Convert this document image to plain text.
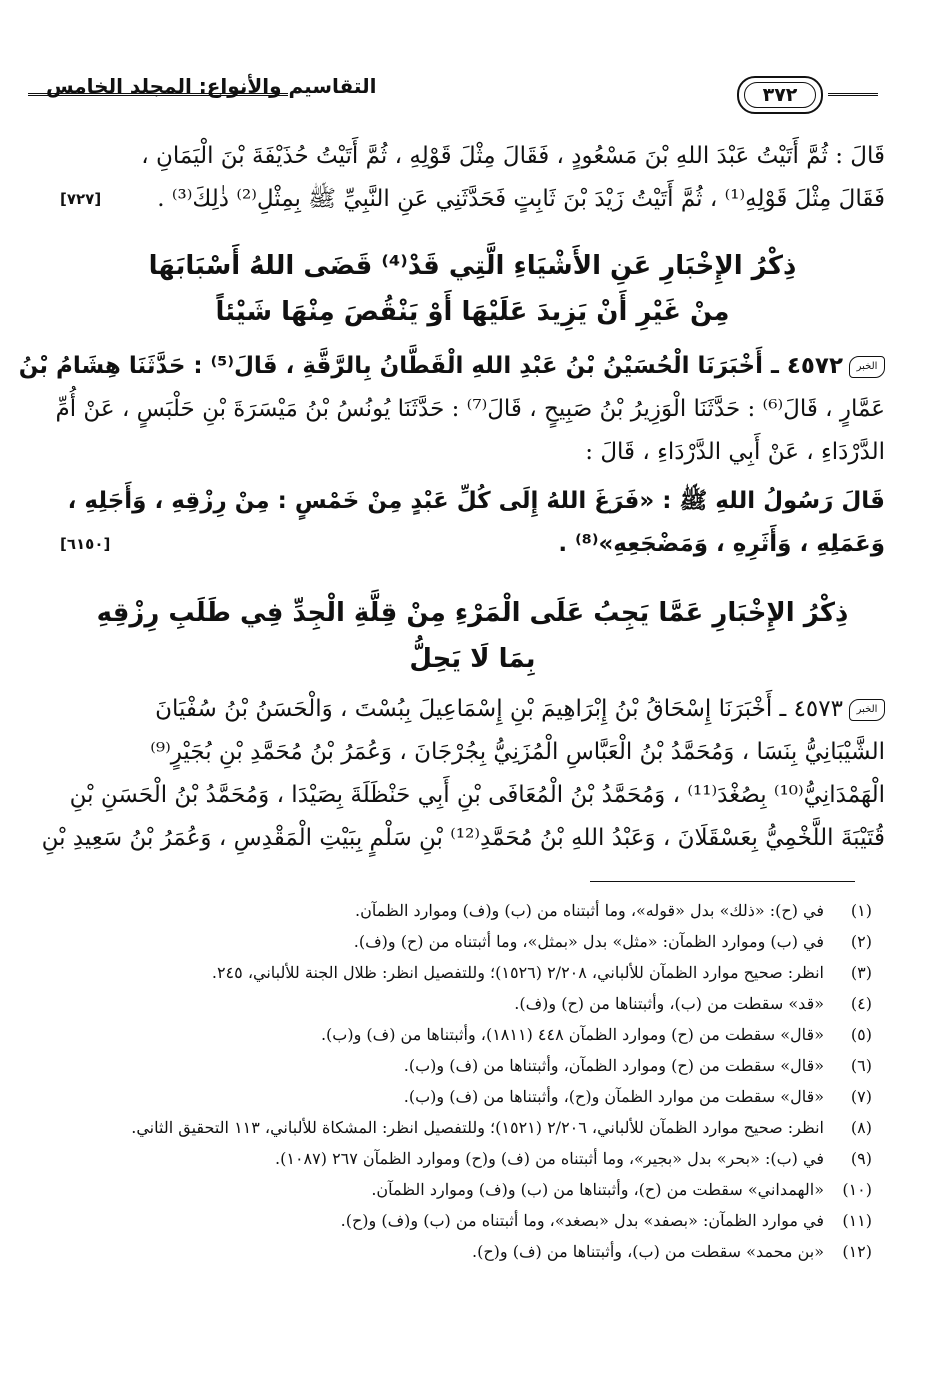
التقاسيم والأنواع: المجلد الخامس	٣٧٢
قَالَ : ثُمَّ أَتَيْتُ عَبْدَ اللهِ بْنَ مَسْعُودٍ ، فَقَالَ مِثْلَ قَوْلِهِ ، ثُمَّ أَتَيْتُ حُذَيْفَةَ بْنَ الْيَمَانِ ،
[٧٢٧] فَقَالَ مِثْلَ قَوْلِهِ⁽¹⁾ ، ثُمَّ أَتَيْتُ زَيْدَ بْنَ ثَابِتٍ فَحَدَّثَنِي عَنِ النَّبِيِّ ﷺ بِمِثْلِ⁽²⁾ ذٰلِكَ⁽³⁾ .
ذِكْرُ الإِخْبَارِ عَنِ الأَشْيَاءِ الَّتِي قَدْ⁽⁴⁾ قَضَى اللهُ أَسْبَابَهَا
مِنْ غَيْرِ أَنْ يَزِيدَ عَلَيْهَا أَوْ يَنْقُصَ مِنْهَا شَيْئاً
الخبر٤٥٧٢ ـ أَخْبَرَنَا الْحُسَيْنُ بْنُ عَبْدِ اللهِ الْقَطَّانُ بِالرَّقَّةِ ، قَالَ⁽⁵⁾ : حَدَّثَنَا هِشَامُ بْنُ
عَمَّارٍ ، قَالَ⁽⁶⁾ : حَدَّثَنَا الْوَزِيرُ بْنُ صَبِيحٍ ، قَالَ⁽⁷⁾ : حَدَّثَنَا يُونُسُ بْنُ مَيْسَرَةَ بْنِ حَلْبَسٍ ، عَنْ أُمِّ
الدَّرْدَاءِ ، عَنْ أَبِي الدَّرْدَاءِ ، قَالَ :
قَالَ رَسُولُ اللهِ ﷺ : «فَرَغَ اللهُ إِلَى كُلِّ عَبْدٍ مِنْ خَمْسٍ : مِنْ رِزْقِهِ ، وَأَجَلِهِ ،
[٦١٥٠]	وَعَمَلِهِ ، وَأَثَرِهِ ، وَمَضْجَعِهِ»⁽⁸⁾ .
ذِكْرُ الإِخْبَارِ عَمَّا يَجِبُ عَلَى الْمَرْءِ مِنْ قِلَّةِ الْجِدِّ فِي طَلَبِ رِزْقِهِ
بِمَا لَا يَحِلُّ
الخبر٤٥٧٣ ـ أَخْبَرَنَا إِسْحَاقُ بْنُ إِبْرَاهِيمَ بْنِ إِسْمَاعِيلَ بِبُسْتَ ، وَالْحَسَنُ بْنُ سُفْيَانَ
الشَّيْبَانِيُّ بِنَسَا ، وَمُحَمَّدُ بْنُ الْعَبَّاسِ الْمُزَنِيُّ بِجُرْجَانَ ، وَعُمَرُ بْنُ مُحَمَّدِ بْنِ بُجَيْرٍ⁽⁹⁾
الْهَمْدَانِيُّ⁽¹⁰⁾ بِصُغْدَ⁽¹¹⁾ ، وَمُحَمَّدُ بْنُ الْمُعَافَى بْنِ أَبِي حَنْظَلَةَ بِصَيْدَا ، وَمُحَمَّدُ بْنُ الْحَسَنِ بْنِ
قُتَيْبَةَ اللَّخْمِيُّ بِعَسْقَلَانَ ، وَعَبْدُ اللهِ بْنُ مُحَمَّدِ⁽¹²⁾ بْنِ سَلْمٍ بِبَيْتِ الْمَقْدِسِ ، وَعُمَرُ بْنُ سَعِيدِ بْنِ
(١)
في (ح): «ذلك» بدل «قوله»، وما أثبتناه من (ب) و(ف) وموارد الظمآن.
(٢)
في (ب) وموارد الظمآن: «مثل» بدل «بمثل»، وما أثبتناه من (ح) و(ف).
(٣)
انظر: صحيح موارد الظمآن للألباني، ٢/٢٠٨ (١٥٢٦)؛ وللتفصيل انظر: ظلال الجنة للألباني، ٢٤٥.
(٤)
«قد» سقطت من (ب)، وأثبتناها من (ح) و(ف).
(٥)
«قال» سقطت من (ح) وموارد الظمآن ٤٤٨ (١٨١١)، وأثبتناها من (ف) و(ب).
(٦)
«قال» سقطت من (ح) وموارد الظمآن، وأثبتناها من (ف) و(ب).
(٧)
«قال» سقطت من موارد الظمآن و(ح)، وأثبتناها من (ف) و(ب).
(٨)
انظر: صحيح موارد الظمآن للألباني، ٢/٢٠٦ (١٥٢١)؛ وللتفصيل انظر: المشكاة للألباني، ١١٣ التحقيق الثاني.
(٩)
في (ب): «بحر» بدل «بجير»، وما أثبتناه من (ف) و(ح) وموارد الظمآن ٢٦٧ (١٠٨٧).
(١٠)
«الهمداني» سقطت من (ح)، وأثبتناها من (ب) و(ف) وموارد الظمآن.
(١١)
في موارد الظمآن: «بصفد» بدل «بصغد»، وما أثبتناه من (ب) و(ف) و(ح).
(١٢)
«بن محمد» سقطت من (ب)، وأثبتناها من (ف) و(ح).
